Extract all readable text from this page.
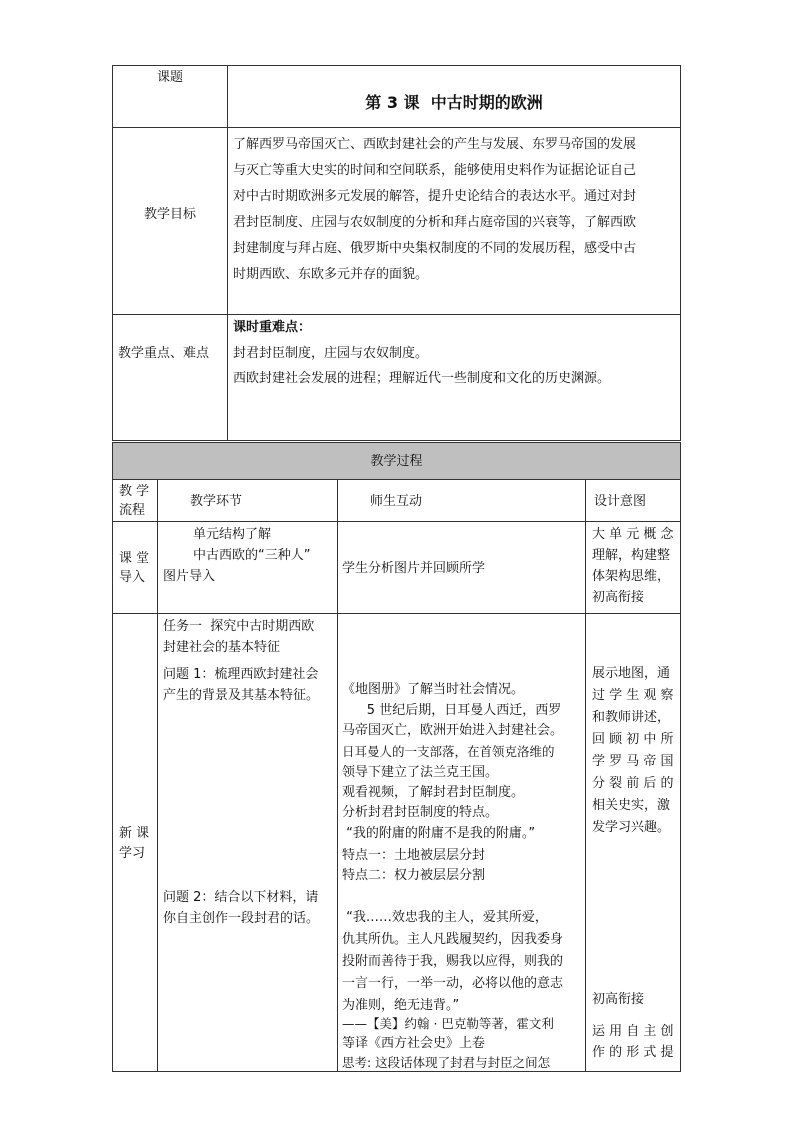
课题
第 3 课  中古时期的欧洲
教学目标
了解西罗马帝国灭亡、西欧封建社会的产生与发展、东罗马帝国的发展
与灭亡等重大史实的时间和空间联系，能够使用史料作为证据论证自己
对中古时期欧洲多元发展的解答，提升史论结合的表达水平。通过对封
君封臣制度、庄园与农奴制度的分析和拜占庭帝国的兴衰等，了解西欧
封建制度与拜占庭、俄罗斯中央集权制度的不同的发展历程，感受中古
时期西欧、东欧多元并存的面貌。
教学重点、难点
课时重难点：
封君封臣制度，庄园与农奴制度。
西欧封建社会发展的进程；理解近代一些制度和文化的历史渊源。
教学过程
教 学
流程
教学环节	师生互动	设计意图
课 堂
导入
单元结构了解
中古西欧的“三种人”
图片导入
学生分析图片并回顾所学
大 单 元 概 念
理解，构建整
体架构思维，
初高衔接
新 课
学习
任务一  探究中古时期西欧
封建社会的基本特征
问题 1：梳理西欧封建社会
产生的背景及其基本特征。
问题 2：结合以下材料，请
你自主创作一段封君的话。
《地图册》了解当时社会情况。
5 世纪后期，日耳曼人西迁，西罗
马帝国灭亡，欧洲开始进入封建社会。
日耳曼人的一支部落，在首领克洛维的
领导下建立了法兰克王国。
观看视频，了解封君封臣制度。
分析封君封臣制度的特点。
“我的附庸的附庸不是我的附庸。”
特点一：土地被层层分封
特点二：权力被层层分割
“我……效忠我的主人，爱其所爱，
仇其所仇。主人凡践履契约，因我委身
投附而善待于我，赐我以应得，则我的
一言一行，一举一动，必将以他的意志
为准则，绝无违背。”
——【美】约翰 · 巴克勒等著，霍文利
等译《西方社会史》上卷
思考: 这段话体现了封君与封臣之间怎
展示地图，通
过 学 生 观 察
和教师讲述，
回 顾 初 中 所
学 罗 马 帝 国
分 裂 前 后 的
相关史实，激
发学习兴趣。
初高衔接
运 用 自 主 创
作 的 形 式 提
